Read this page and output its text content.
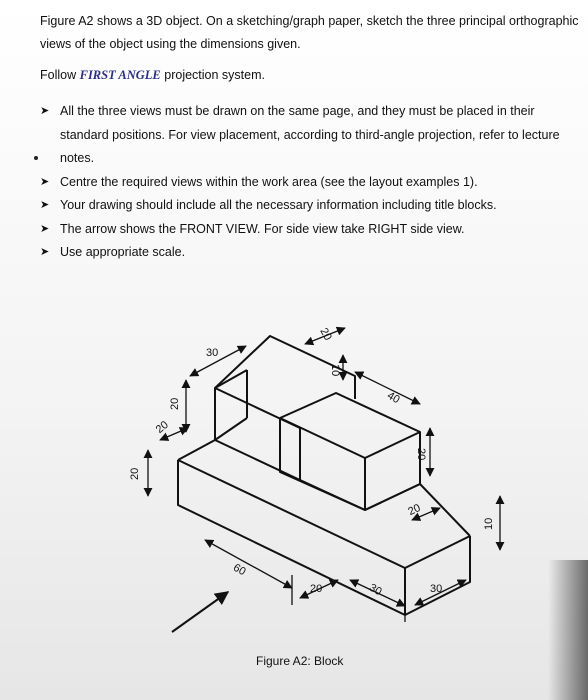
Figure A2 shows a 3D object. On a sketching/graph paper, sketch the three principal orthographic views of the object using the dimensions given.
Follow FIRST ANGLE projection system.
➤ All the three views must be drawn on the same page, and they must be placed in their standard positions. For view placement, according to third-angle projection, refer to lecture notes.
➤ Centre the required views within the work area (see the layout examples 1).
➤ Your drawing should include all the necessary information including title blocks.
➤ The arrow shows the FRONT VIEW. For side view take RIGHT side view.
➤ Use appropriate scale.
30
20
10
40
20
20
20
20
20
10
60
20	30	30
Figure A2: Block
